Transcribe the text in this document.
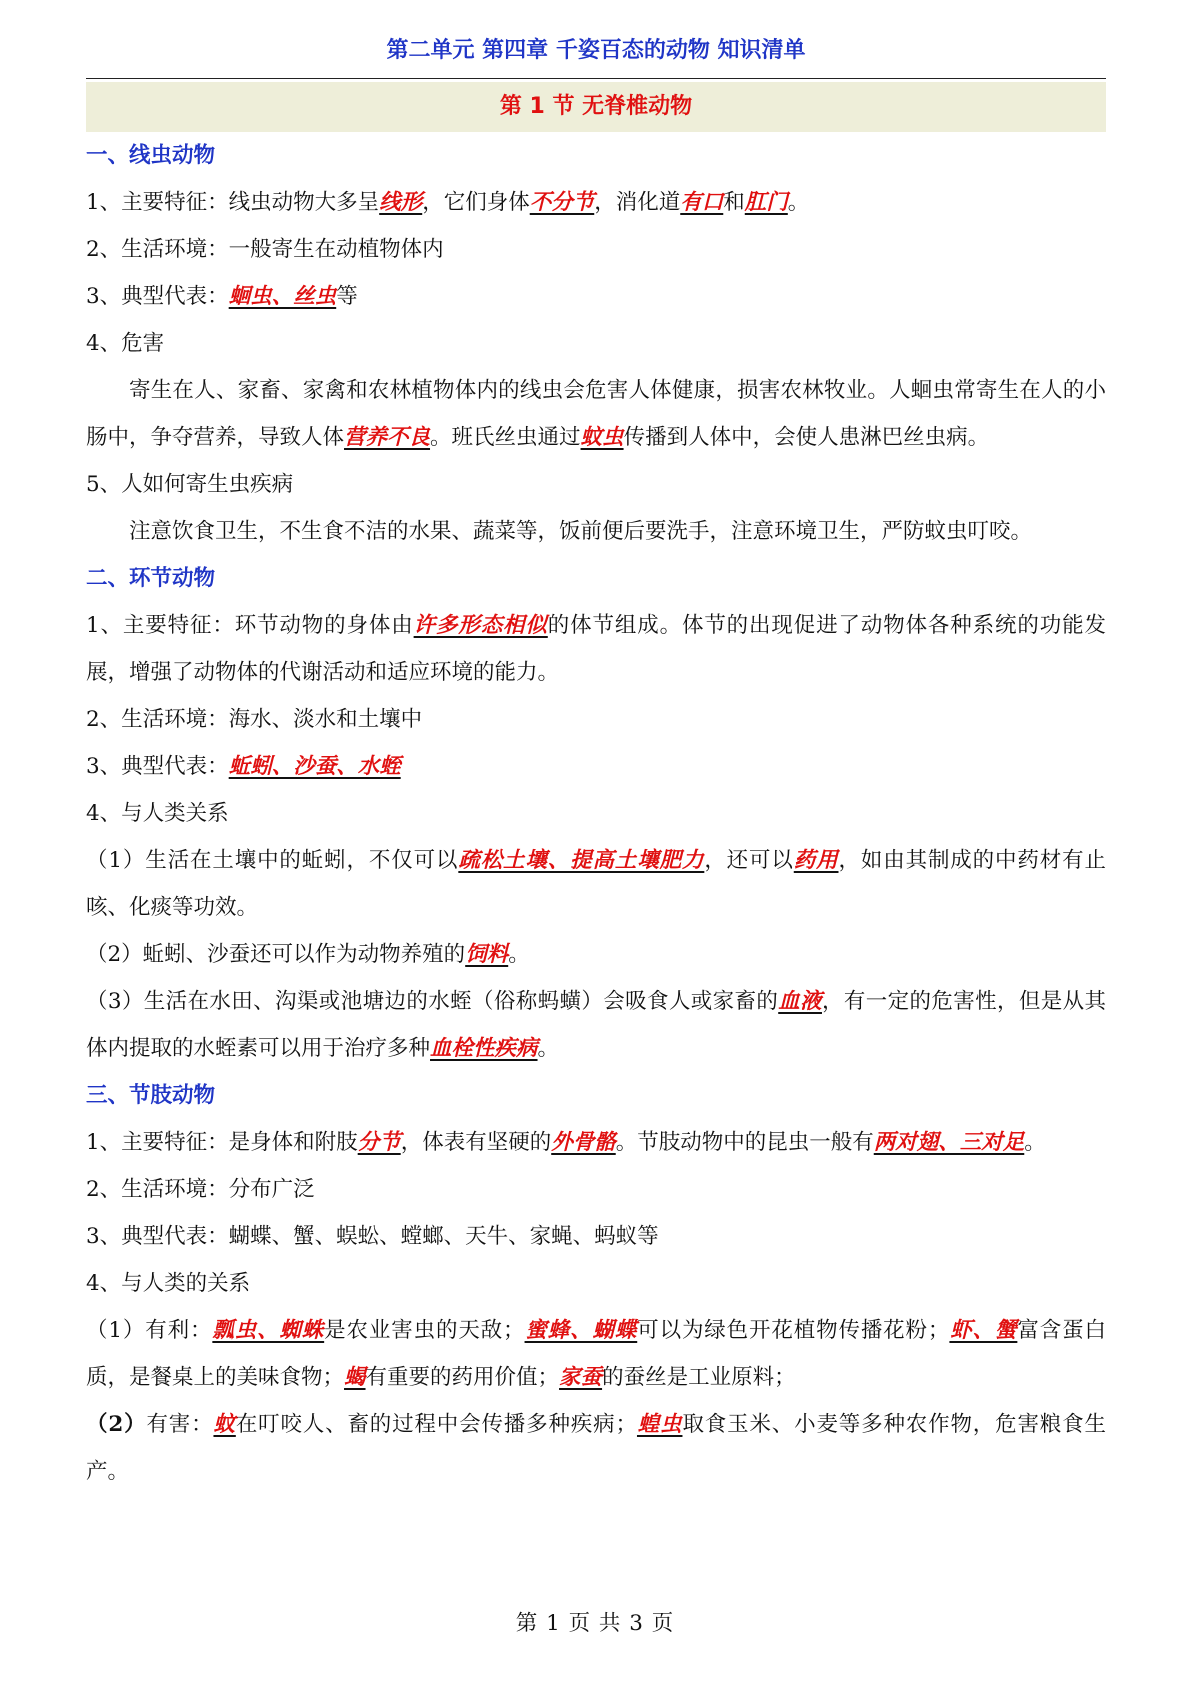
第二单元 第四章 千姿百态的动物 知识清单
第 1 节 无脊椎动物
一、线虫动物

1、主要特征：线虫动物大多呈线形，它们身体不分节，消化道有口和肛门。

2、生活环境：一般寄生在动植物体内

3、典型代表：蛔虫、丝虫等

4、危害

寄生在人、家畜、家禽和农林植物体内的线虫会危害人体健康，损害农林牧业。人蛔虫常寄生在人的小肠中，争夺营养，导致人体营养不良。班氏丝虫通过蚊虫传播到人体中，会使人患淋巴丝虫病。

5、人如何寄生虫疾病

注意饮食卫生，不生食不洁的水果、蔬菜等，饭前便后要洗手，注意环境卫生，严防蚊虫叮咬。

二、环节动物

1、主要特征：环节动物的身体由许多形态相似的体节组成。体节的出现促进了动物体各种系统的功能发展，增强了动物体的代谢活动和适应环境的能力。

2、生活环境：海水、淡水和土壤中

3、典型代表：蚯蚓、沙蚕、水蛭

4、与人类关系

（1）生活在土壤中的蚯蚓，不仅可以疏松土壤、提高土壤肥力，还可以药用，如由其制成的中药材有止咳、化痰等功效。

（2）蚯蚓、沙蚕还可以作为动物养殖的饲料。

（3）生活在水田、沟渠或池塘边的水蛭（俗称蚂蟥）会吸食人或家畜的血液，有一定的危害性，但是从其体内提取的水蛭素可以用于治疗多种血栓性疾病。

三、节肢动物

1、主要特征：是身体和附肢分节，体表有坚硬的外骨骼。节肢动物中的昆虫一般有两对翅、三对足。

2、生活环境：分布广泛

3、典型代表：蝴蝶、蟹、蜈蚣、螳螂、天牛、家蝇、蚂蚁等

4、与人类的关系

（1）有利：瓢虫、蜘蛛是农业害虫的天敌；蜜蜂、蝴蝶可以为绿色开花植物传播花粉；虾、蟹富含蛋白质，是餐桌上的美味食物；蝎有重要的药用价值；家蚕的蚕丝是工业原料；

（2）有害：蚊在叮咬人、畜的过程中会传播多种疾病；蝗虫取食玉米、小麦等多种农作物，危害粮食生产。

第 1 页 共 3 页
